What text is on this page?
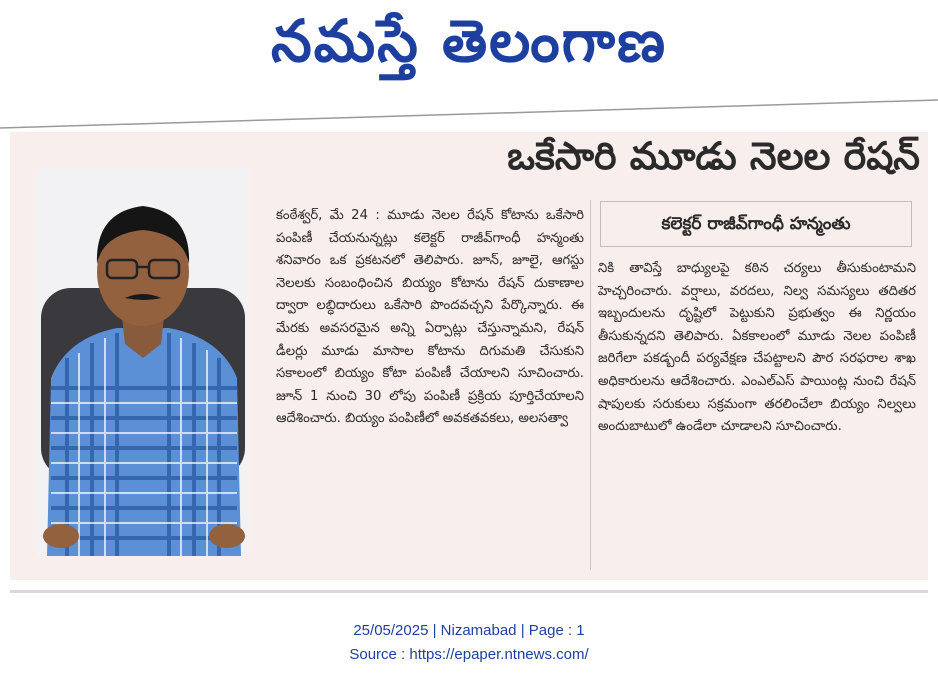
నమస్తే తెలంగాణ
ఒకేసారి మూడు నెలల రేషన్

కంఠేశ్వర్, మే 24 : మూడు నెలల రేషన్ కోటాను ఒకేసారి పంపిణీ చేయనున్నట్లు కలెక్టర్ రాజీవ్‌గాంధీ హన్మంతు శనివారం ఒక ప్రకటనలో తెలిపారు. జూన్, జూలై, ఆగస్టు నెలలకు సంబంధించిన బియ్యం కోటాను రేషన్ దుకాణాల ద్వారా లబ్ధిదారులు ఒకేసారి పొందవచ్చని పేర్కొన్నారు. ఈ మేరకు అవసరమైన అన్ని ఏర్పాట్లు చేస్తున్నామని, రేషన్ డీలర్లు మూడు మాసాల కోటాను దిగుమతి చేసుకుని సకాలంలో బియ్యం కోటా పంపిణీ చేయాలని సూచించారు. జూన్ 1 నుంచి 30 లోపు పంపిణీ ప్రక్రియ పూర్తిచేయాలని ఆదేశించారు. బియ్యం పంపిణీలో అవకతవకలు, అలసత్వా

కలెక్టర్ రాజీవ్‌గాంధీ హన్మంతు

నికి తావిస్తే బాధ్యులపై కఠిన చర్యలు తీసుకుంటామని హెచ్చరించారు. వర్షాలు, వరదలు, నిల్వ సమస్యలు తదితర ఇబ్బందులను దృష్టిలో పెట్టుకుని ప్రభుత్వం ఈ నిర్ణయం తీసుకున్నదని తెలిపారు. ఏకకాలంలో మూడు నెలల పంపిణీ జరిగేలా పకడ్బందీ పర్యవేక్షణ చేపట్టాలని పౌర సరఫరాల శాఖ అధికారులను ఆదేశించారు. ఎంఎల్ఎస్ పాయింట్ల నుంచి రేషన్ షాపులకు సరుకులు సక్రమంగా తరలించేలా బియ్యం నిల్వలు అందుబాటులో ఉండేలా చూడాలని సూచించారు.

25/05/2025 | Nizamabad | Page : 1
Source : https://epaper.ntnews.com/
